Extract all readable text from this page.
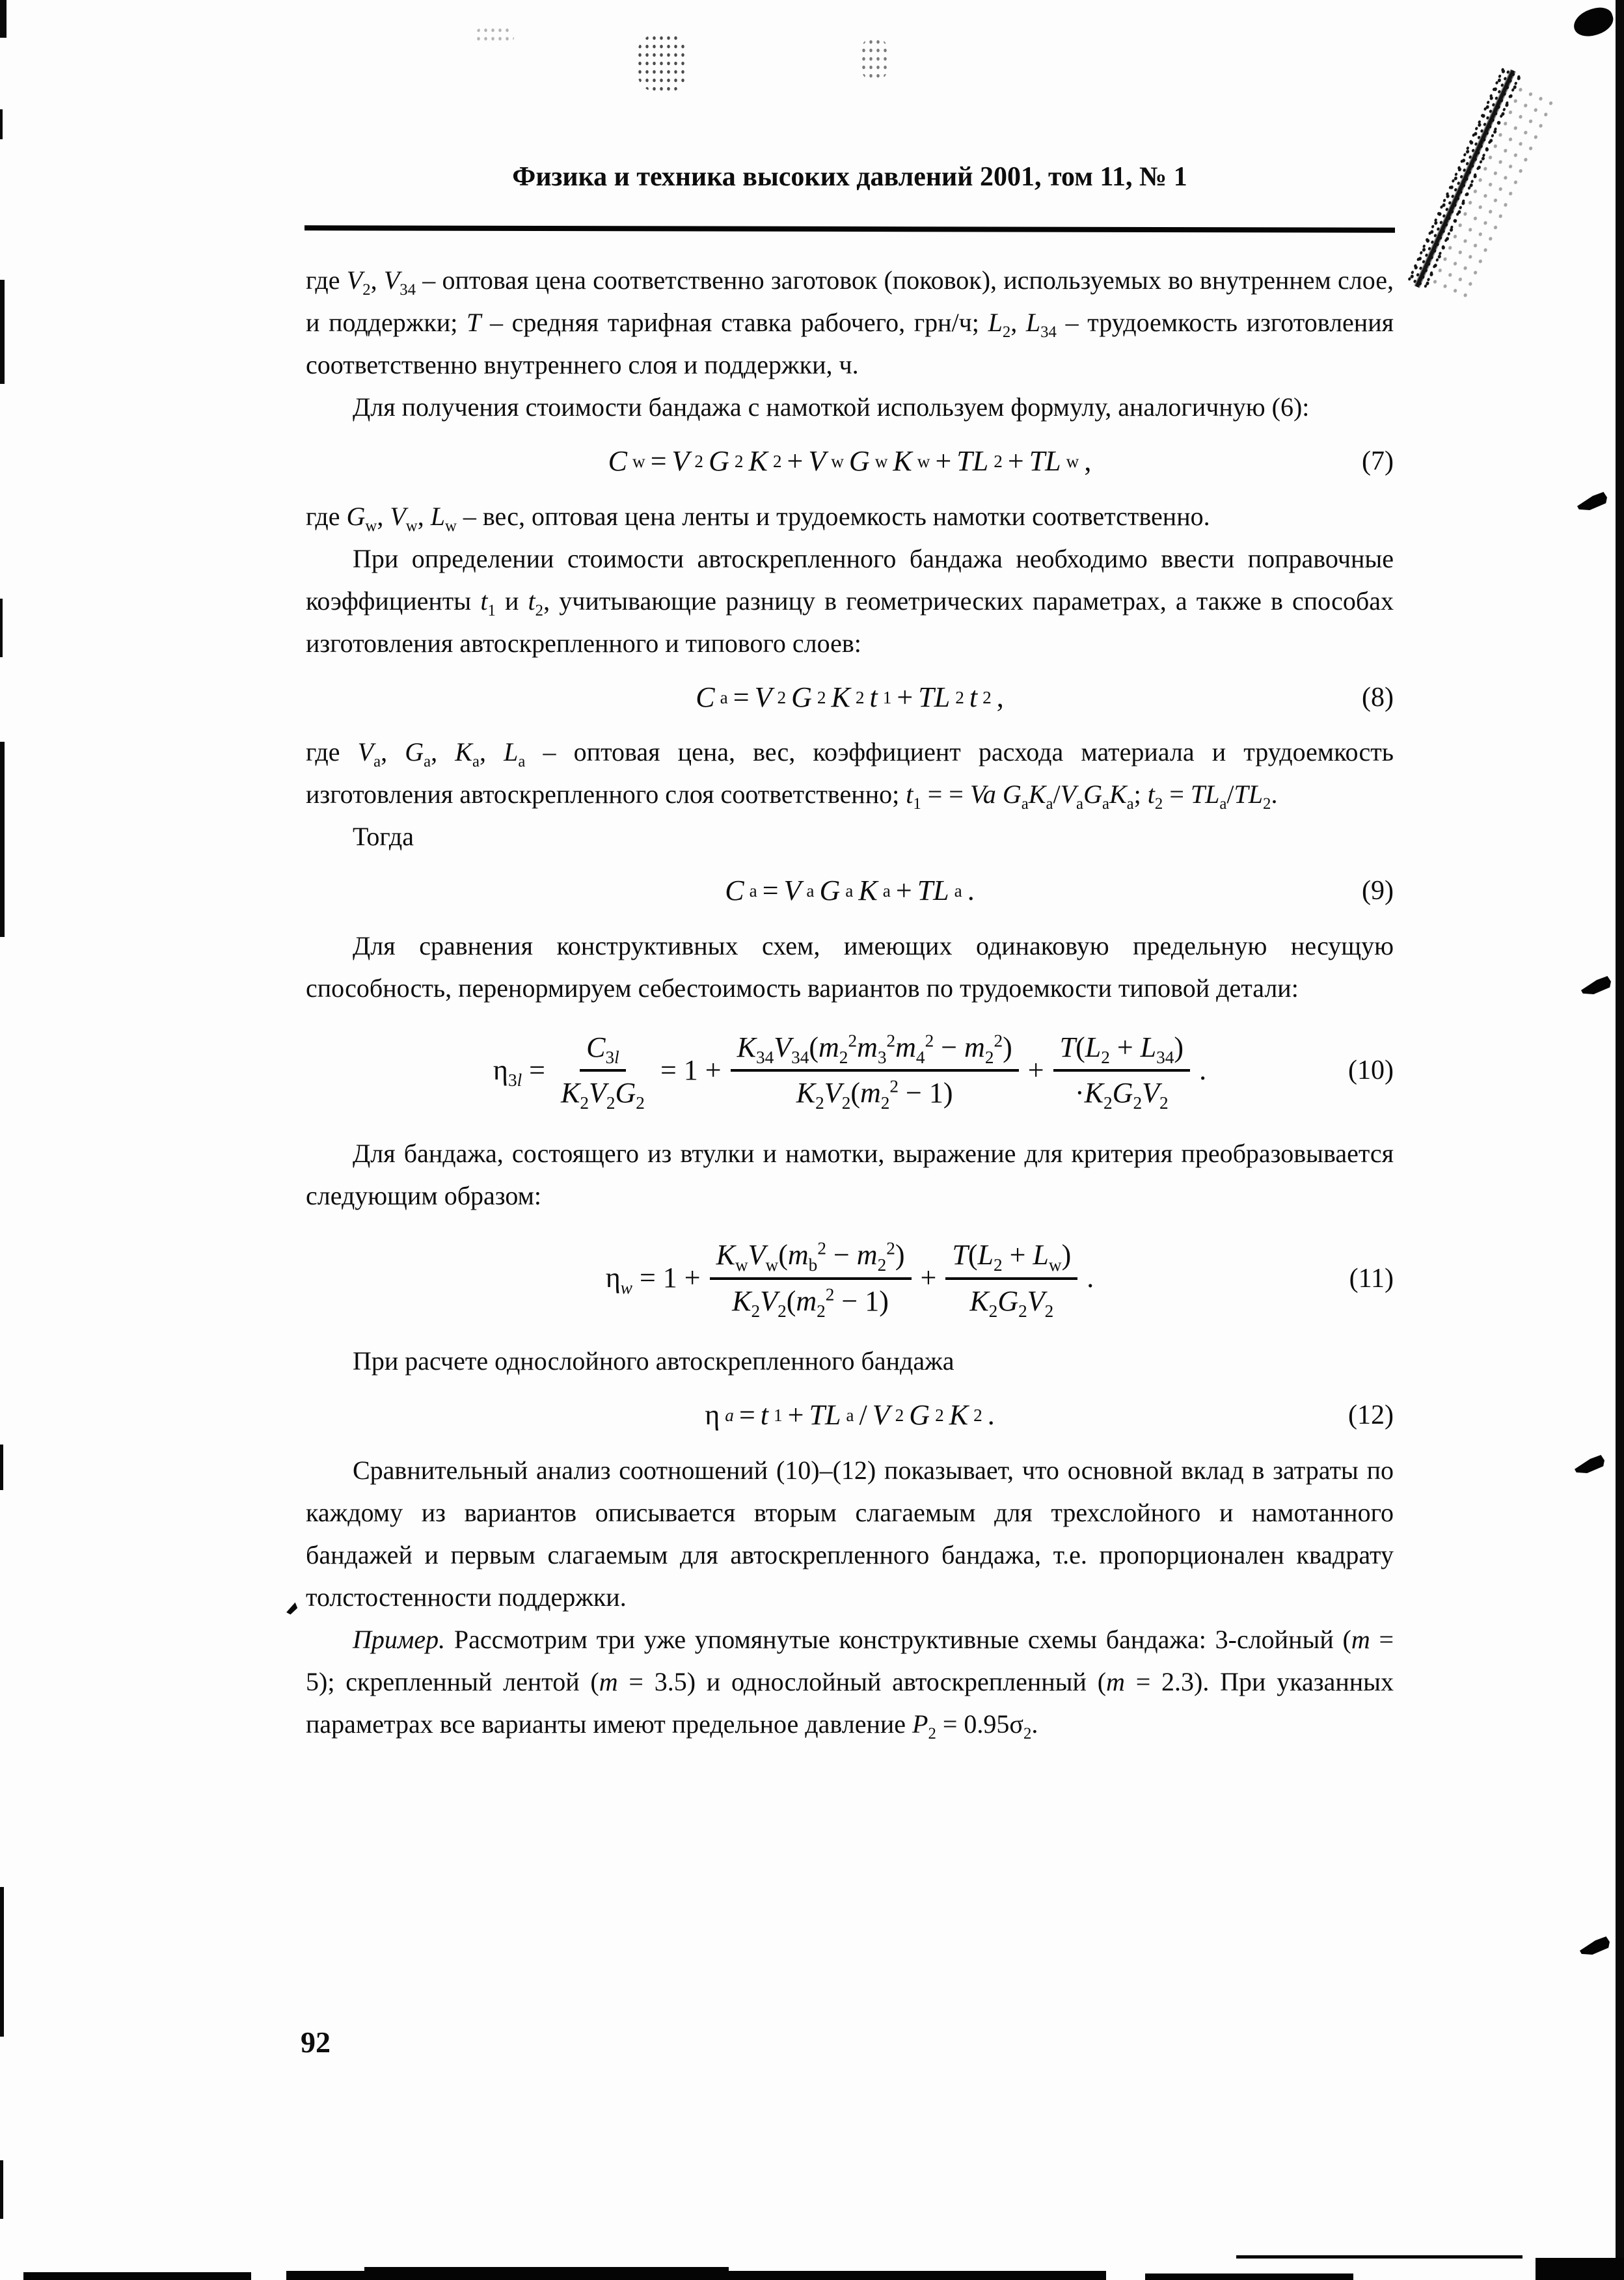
Физика и техника высоких давлений 2001, том 11, № 1

где $V_2$, $V_{34}$ – оптовая цена соответственно заготовок (поковок), используемых во внутреннем слое, и поддержки; T – средняя тарифная ставка рабочего, грн/ч; $L_2$, $L_{34}$ – трудоемкость изготовления соответственно внутреннего слоя и поддержки, ч.

Для получения стоимости бандажа с намоткой используем формулу, аналогичную (6):

C w = V 2 G 2 K 2 + V w G w K w + TL 2 + TL w ,	(7)

где $G_w$, $V_w$, $L_w$ – вес, оптовая цена ленты и трудоемкость намотки соответственно.

При определении стоимости автоскрепленного бандажа необходимо ввести поправочные коэффициенты $t_1$ и $t_2$, учитывающие разницу в геометрических параметрах, а также в способах изготовления автоскрепленного и типового слоев:

C a = V 2 G 2 K 2 t 1 + TL 2 t 2 ,	(8)

где $V_a$, $G_a$, $K_a$, $L_a$ – оптовая цена, вес, коэффициент расхода материала и трудоемкость изготовления автоскрепленного слоя соответственно; $t_1$ = = Va $G_aK_a/V_aG_aK_a$; $t_2 = TL_a/TL_2$.

Тогда

C a = V a G a K a + TL a .	(9)

Для сравнения конструктивных схем, имеющих одинаковую предельную несущую способность, перенормируем себестоимость вариантов по трудоемкости типовой детали:

$\eta_{3l} = \frac{C_{3l}}{K_2V_2G_2} = 1 + \frac{K_{34}V_{34}(m_2^2m_3^2m_4^2 - m_2^2)}{K_2V_2(m_2^2 - 1)} + \frac{T(L_2 + L_{34})}{\cdot K_2G_2V_2}$ .	(10)

Для бандажа, состоящего из втулки и намотки, выражение для критерия преобразовывается следующим образом:

$\eta_w = 1 + \frac{K_wV_w(m_b^2 - m_2^2)}{K_2V_2(m_2^2 - 1)} + \frac{T(L_2 + L_w)}{K_2G_2V_2}$ .	(11)

При расчете однослойного автоскрепленного бандажа

η a = t 1 + TL a / V 2 G 2 K 2 .	(12)

Сравнительный анализ соотношений (10)–(12) показывает, что основной вклад в затраты по каждому из вариантов описывается вторым слагаемым для трехслойного и намотанного бандажей и первым слагаемым для автоскрепленного бандажа, т.е. пропорционален квадрату толстостенности поддержки.

Пример. Рассмотрим три уже упомянутые конструктивные схемы бандажа: 3-слойный (m = 5); скрепленный лентой (m = 3.5) и однослойный автоскрепленный (m = 2.3). При указанных параметрах все варианты имеют предельное давление $P_2 = 0.95\sigma_2$.

92
